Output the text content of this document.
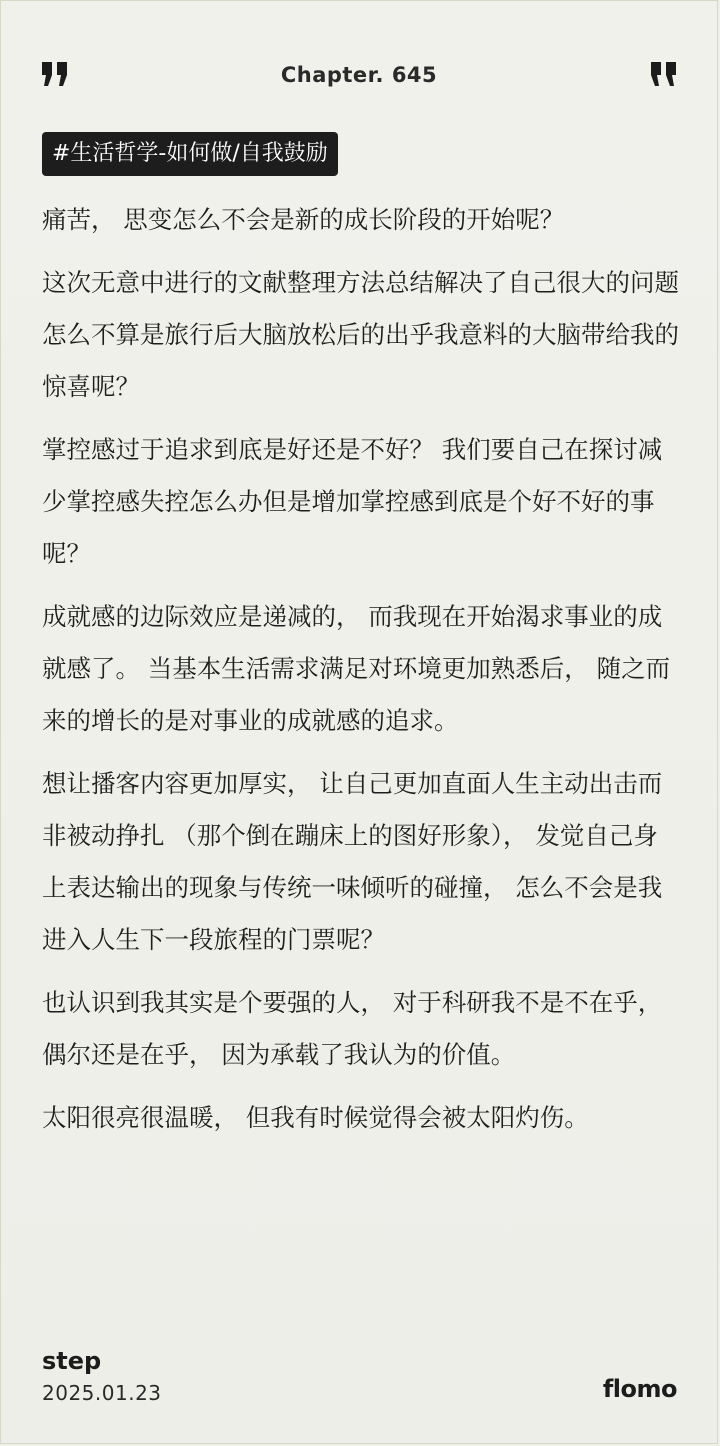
Chapter. 645
#生活哲学-如何做/自我鼓励

痛苦， 思变怎么不会是新的成长阶段的开始呢？

这次无意中进行的文献整理方法总结解决了自己很大的问题怎么不算是旅行后大脑放松后的出乎我意料的大脑带给我的惊喜呢？

掌控感过于追求到底是好还是不好？ 我们要自己在探讨减少掌控感失控怎么办但是增加掌控感到底是个好不好的事呢？

成就感的边际效应是递减的， 而我现在开始渴求事业的成就感了。 当基本生活需求满足对环境更加熟悉后， 随之而来的增长的是对事业的成就感的追求。

想让播客内容更加厚实， 让自己更加直面人生主动出击而非被动挣扎 （那个倒在蹦床上的图好形象）， 发觉自己身上表达输出的现象与传统一味倾听的碰撞， 怎么不会是我进入人生下一段旅程的门票呢？

也认识到我其实是个要强的人， 对于科研我不是不在乎， 偶尔还是在乎， 因为承载了我认为的价值。

太阳很亮很温暖， 但我有时候觉得会被太阳灼伤。

step
2025.01.23	flomo
